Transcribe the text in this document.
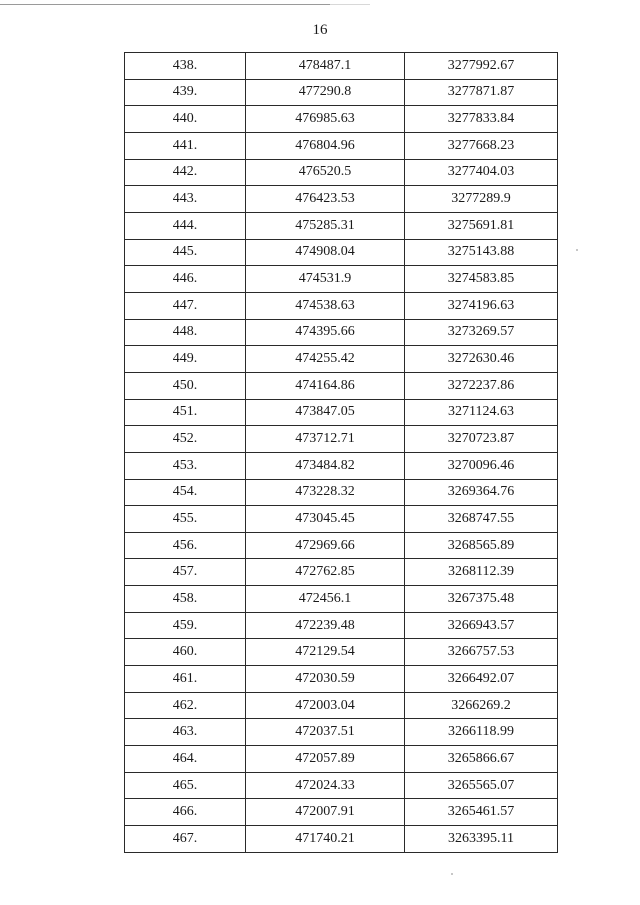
16
438.	478487.1	3277992.67
439.	477290.8	3277871.87
440.	476985.63	3277833.84
441.	476804.96	3277668.23
442.	476520.5	3277404.03
443.	476423.53	3277289.9
444.	475285.31	3275691.81
445.	474908.04	3275143.88
446.	474531.9	3274583.85
447.	474538.63	3274196.63
448.	474395.66	3273269.57
449.	474255.42	3272630.46
450.	474164.86	3272237.86
451.	473847.05	3271124.63
452.	473712.71	3270723.87
453.	473484.82	3270096.46
454.	473228.32	3269364.76
455.	473045.45	3268747.55
456.	472969.66	3268565.89
457.	472762.85	3268112.39
458.	472456.1	3267375.48
459.	472239.48	3266943.57
460.	472129.54	3266757.53
461.	472030.59	3266492.07
462.	472003.04	3266269.2
463.	472037.51	3266118.99
464.	472057.89	3265866.67
465.	472024.33	3265565.07
466.	472007.91	3265461.57
467.	471740.21	3263395.11
